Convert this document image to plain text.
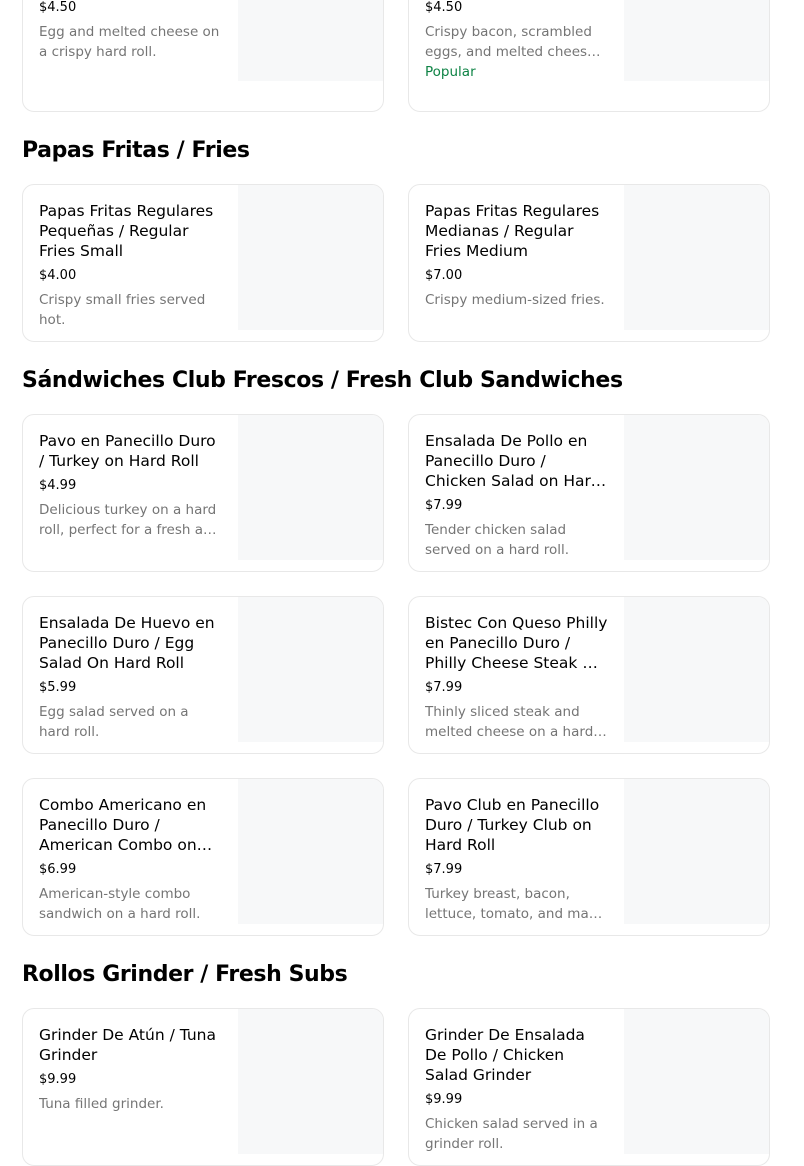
$4.50
Egg and melted cheese on a crispy hard roll.

$4.50
Crispy bacon, scrambled eggs, and melted cheese
Popular
Papas Fritas / Fries

Papas Fritas Regulares Pequeñas / Regular Fries Small

$4.00
Crispy small fries served hot.

Papas Fritas Regulares Medianas / Regular Fries Medium

$7.00
Crispy medium-sized fries.
Sándwiches Club Frescos / Fresh Club Sandwiches

Pavo en Panecillo Duro / Turkey on Hard Roll

$4.99
Delicious turkey on a hard roll, perfect for a fresh and

Ensalada De Pollo en Panecillo Duro / Chicken Salad on Hard

$7.99
Tender chicken salad served on a hard roll.

Ensalada De Huevo en Panecillo Duro / Egg Salad On Hard Roll

$5.99
Egg salad served on a hard roll.

Bistec Con Queso Philly en Panecillo Duro / Philly Cheese Steak On

$7.99
Thinly sliced steak and melted cheese on a hard

Combo Americano en Panecillo Duro / American Combo on

$6.99
American-style combo sandwich on a hard roll.

Pavo Club en Panecillo Duro / Turkey Club on Hard Roll

$7.99
Turkey breast, bacon, lettuce, tomato, and mayo
Rollos Grinder / Fresh Subs

Grinder De Atún / Tuna Grinder

$9.99
Tuna filled grinder.

Grinder De Ensalada De Pollo / Chicken Salad Grinder

$9.99
Chicken salad served in a grinder roll.
